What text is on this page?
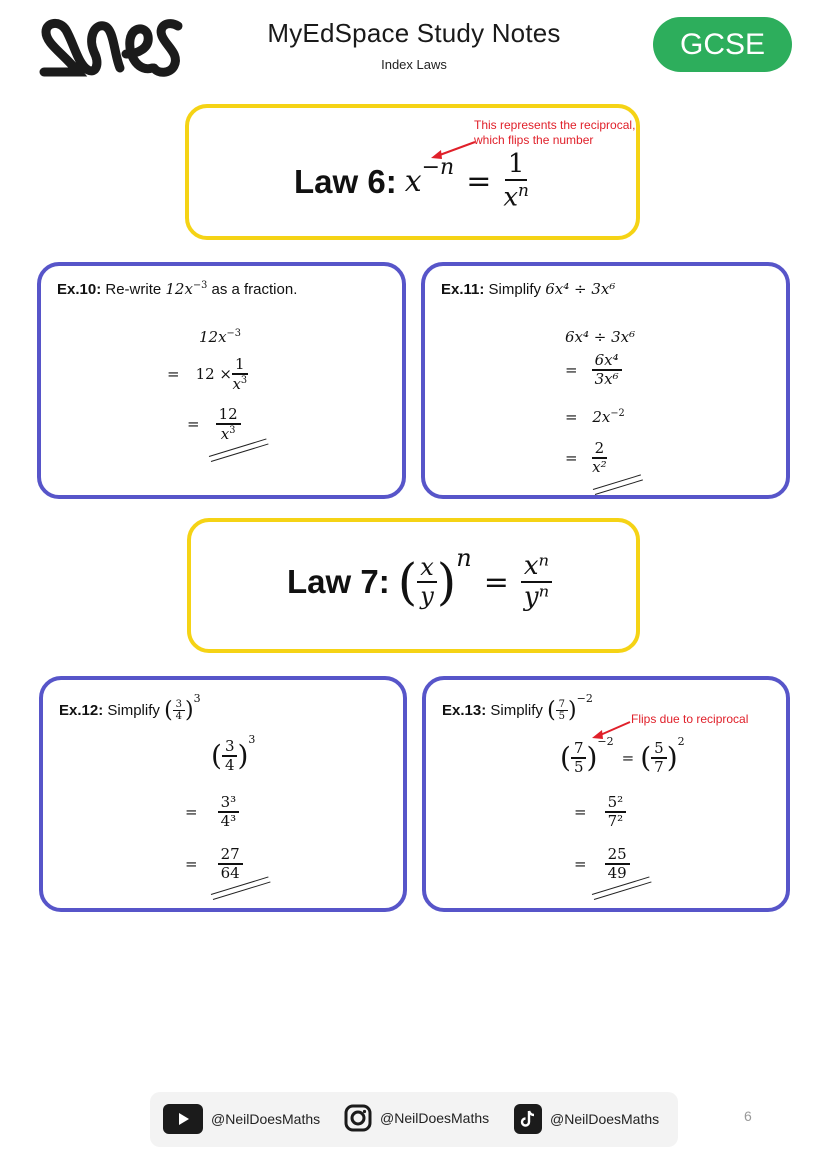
MyEdSpace Study Notes
Index Laws
GCSE
This represents the reciprocal,
which flips the number
Law 6: $x -n = \frac{1}{x^n}$
Ex.10: Re-write $12x^{-3}$ as a fraction.
$12x^{-3}$
= $12 \times \frac{1}{x^3}$
= $\frac{12}{x^3}$
Ex.11: Simplify 6x⁴ ÷ 3x⁶
6x⁴ ÷ 3x⁶
= $\frac{\text{6x⁴}}{\text{3x⁶}}$
= $2x^{-2}$
= $\frac{2}{\text{x²}}$
Law 7: ( $\frac{x}{y}$ ) n
= $\frac{\text{xⁿ}}{\text{yⁿ}}$
Ex.12:
Simplify
( $\frac{3}{4}$ ) 3
( $\frac{3}{4}$ ) 3
= $\frac{\text{3³}}{\text{4³}}$
= $\frac{27}{64}$
Ex.13:
Simplify
( $\frac{7}{5}$ ) −2
Flips due to reciprocal
( $\frac{7}{5}$ ) −2
= ( $\frac{5}{7}$ ) 2
= $\frac{\text{5²}}{\text{7²}}$
= $\frac{25}{49}$
@NeilDoesMaths	@NeilDoesMaths	@NeilDoesMaths	6
